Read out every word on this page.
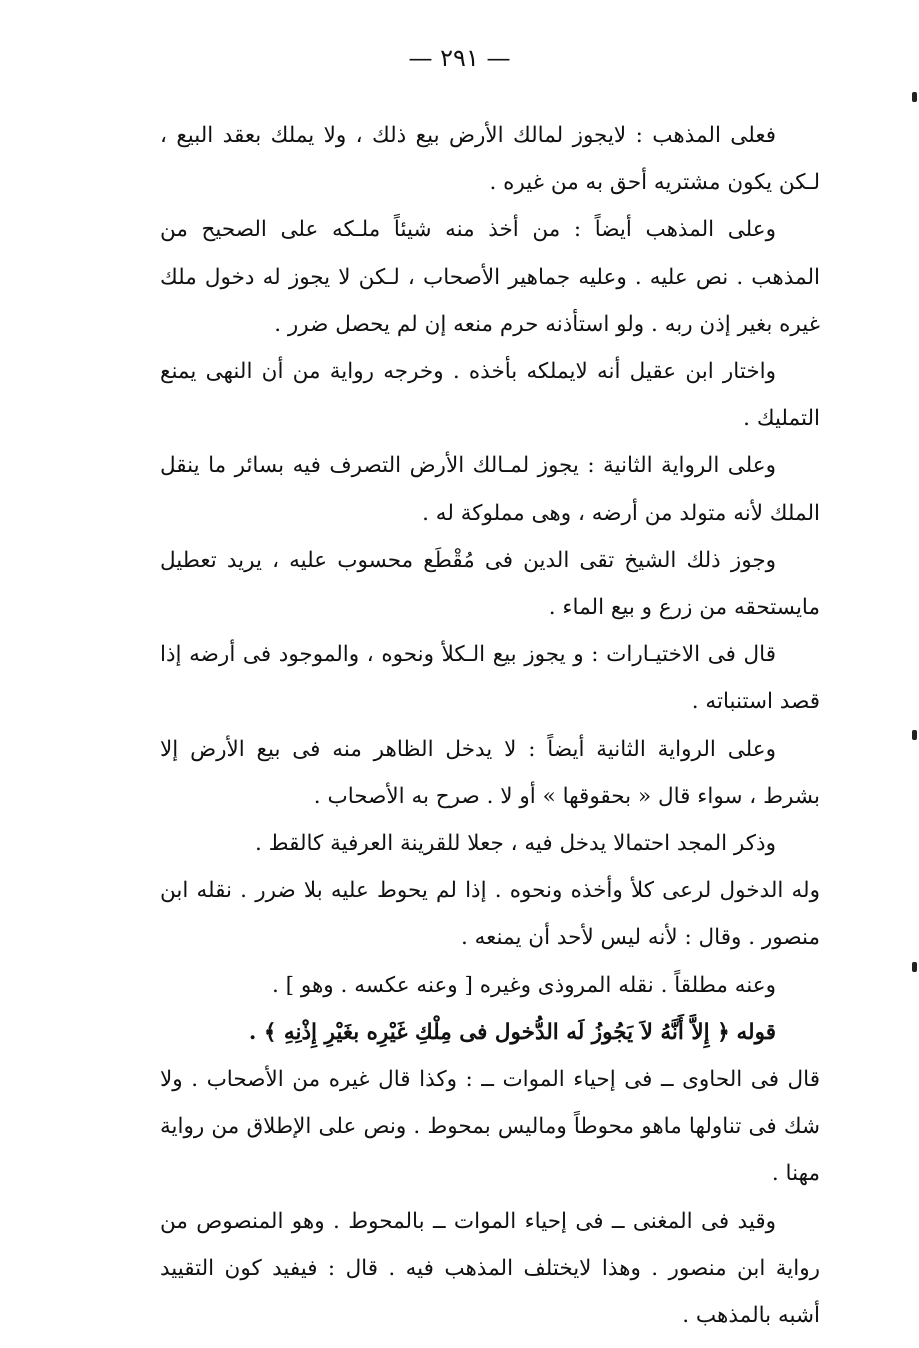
— ٢٩١ —

فعلى المذهب : لايجوز لمالك الأرض بيع ذلك ، ولا يملك بعقد البيع ، لـكن يكون مشتريه أحق به من غيره .

وعلى المذهب أيضاً : من أخذ منه شيئاً ملـكه على الصحيح من المذهب . نص عليه . وعليه جماهير الأصحاب ، لـكن لا يجوز له دخول ملك غيره بغير إذن ربه . ولو استأذنه حرم منعه إن لم يحصل ضرر .

واختار ابن عقيل أنه لايملكه بأخذه . وخرجه رواية من أن النهى يمنع التمليك .

وعلى الرواية الثانية : يجوز لمـالك الأرض التصرف فيه بسائر ما ينقل الملك لأنه متولد من أرضه ، وهى مملوكة له .

وجوز ذلك الشيخ تقى الدين فى مُقْطَع محسوب عليه ، يريد تعطيل مايستحقه من زرع و بيع الماء .

قال فى الاختيـارات : و يجوز بيع الـكلأ ونحوه ، والموجود فى أرضه إذا قصد استنباته .

وعلى الرواية الثانية أيضاً : لا يدخل الظاهر منه فى بيع الأرض إلا بشرط ، سواء قال « بحقوقها » أو لا . صرح به الأصحاب .

وذكر المجد احتمالا يدخل فيه ، جعلا للقرينة العرفية كالقط .

وله الدخول لرعى كلأ وأخذه ونحوه . إذا لم يحوط عليه بلا ضرر . نقله ابن منصور . وقال : لأنه ليس لأحد أن يمنعه .

وعنه مطلقاً . نقله المروذى وغيره [ وعنه عكسه . وهو ] .

قوله ﴿ إِلاَّ أَنَّهُ لاَ يَجُوزُ لَه الدُّخول فى مِلْكِ غَيْرِه بغَيْرِ إِذْنِهِ ﴾ .

قال فى الحاوى ــ فى إحياء الموات ــ : وكذا قال غيره من الأصحاب . ولا شك فى تناولها ماهو محوطاً وماليس بمحوط . ونص على الإطلاق من رواية مهنا .

وقيد فى المغنى ــ فى إحياء الموات ــ بالمحوط . وهو المنصوص من رواية ابن منصور . وهذا لايختلف المذهب فيه . قال : فيفيد كون التقييد أشبه بالمذهب .
